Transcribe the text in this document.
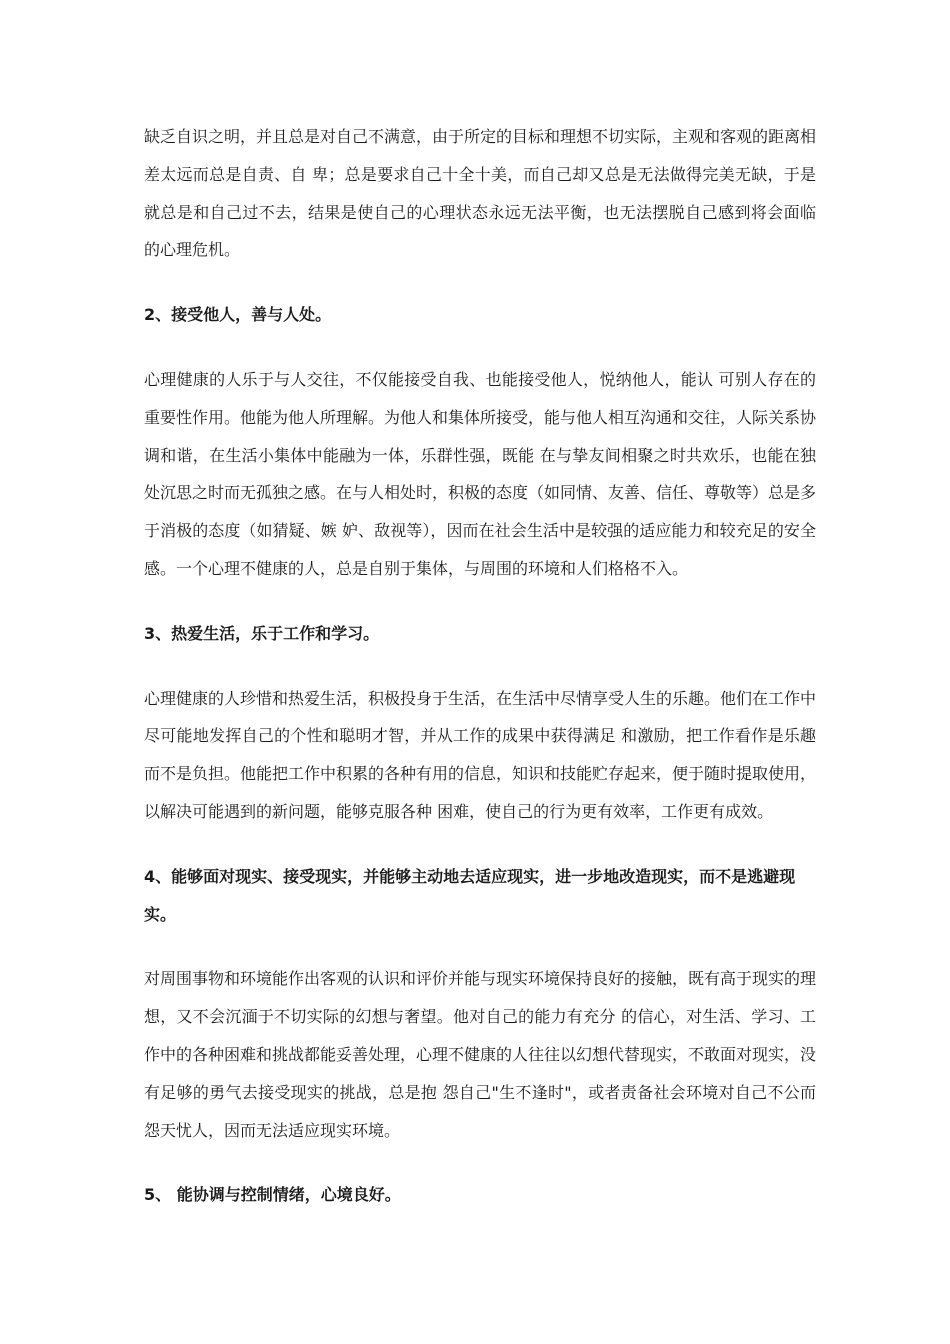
缺乏自识之明，并且总是对自己不满意，由于所定的目标和理想不切实际，主观和客观的距离相差太远而总是自责、自 卑；总是要求自己十全十美，而自己却又总是无法做得完美无缺，于是就总是和自己过不去，结果是使自己的心理状态永远无法平衡，也无法摆脱自己感到将会面临 的心理危机。

2、接受他人，善与人处。

心理健康的人乐于与人交往，不仅能接受自我、也能接受他人，悦纳他人，能认 可别人存在的重要性作用。他能为他人所理解。为他人和集体所接受，能与他人相互沟通和交往，人际关系协调和谐，在生活小集体中能融为一体，乐群性强，既能 在与挚友间相聚之时共欢乐，也能在独处沉思之时而无孤独之感。在与人相处时，积极的态度（如同情、友善、信任、尊敬等）总是多于消极的态度（如猜疑、嫉 妒、敌视等），因而在社会生活中是较强的适应能力和较充足的安全感。一个心理不健康的人，总是自别于集体，与周围的环境和人们格格不入。

3、热爱生活，乐于工作和学习。

心理健康的人珍惜和热爱生活，积极投身于生活，在生活中尽情享受人生的乐趣。他们在工作中尽可能地发挥自己的个性和聪明才智，并从工作的成果中获得满足 和激励，把工作看作是乐趣而不是负担。他能把工作中积累的各种有用的信息，知识和技能贮存起来，便于随时提取使用，以解决可能遇到的新问题，能够克服各种 困难，使自己的行为更有效率，工作更有成效。

4、能够面对现实、接受现实，并能够主动地去适应现实，进一步地改造现实，而不是逃避现实。

对周围事物和环境能作出客观的认识和评价并能与现实环境保持良好的接触，既有高于现实的理想，又不会沉湎于不切实际的幻想与奢望。他对自己的能力有充分 的信心，对生活、学习、工作中的各种困难和挑战都能妥善处理，心理不健康的人往往以幻想代替现实，不敢面对现实，没有足够的勇气去接受现实的挑战，总是抱 怨自己"生不逢时"，或者责备社会环境对自己不公而怨天忧人，因而无法适应现实环境。

5、 能协调与控制情绪，心境良好。
